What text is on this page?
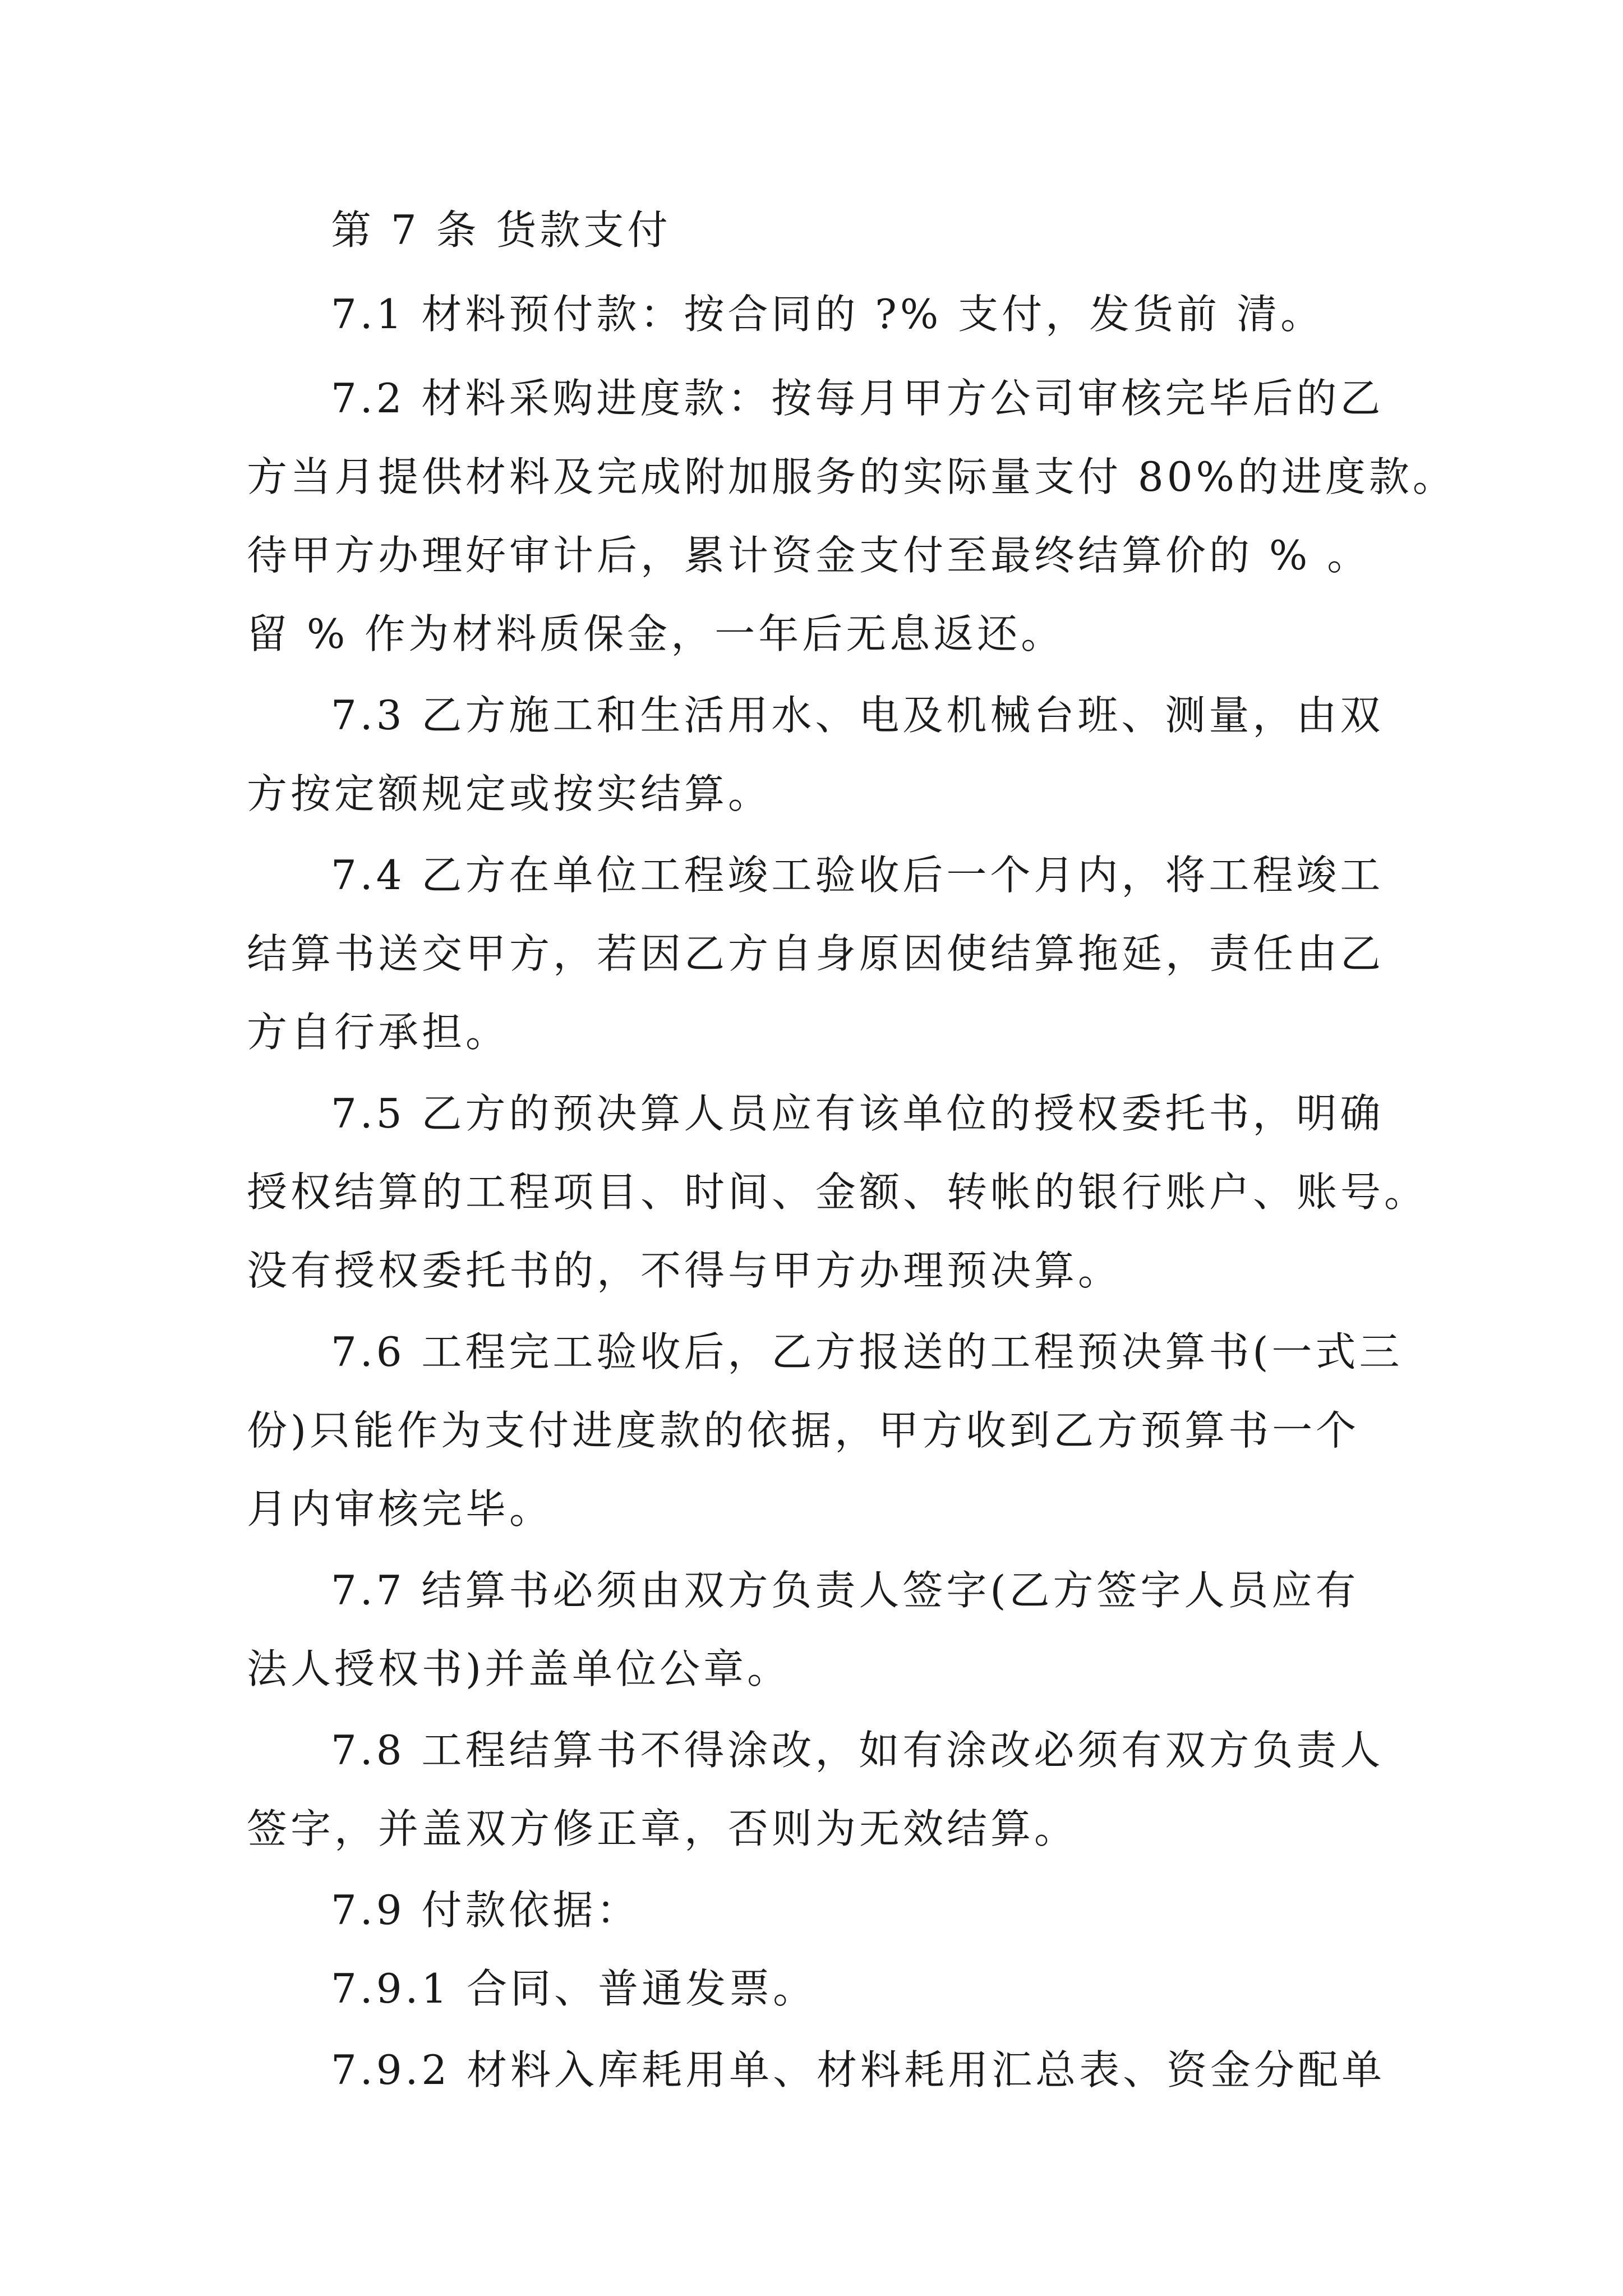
第 7 条 货款支付
7.1 材料预付款：按合同的 ?% 支付，发货前 清。
7.2 材料采购进度款：按每月甲方公司审核完毕后的乙
方当月提供材料及完成附加服务的实际量支付 80%的进度款。
待甲方办理好审计后，累计资金支付至最终结算价的 % 。
留 % 作为材料质保金，一年后无息返还。
7.3 乙方施工和生活用水、电及机械台班、测量，由双
方按定额规定或按实结算。
7.4 乙方在单位工程竣工验收后一个月内，将工程竣工
结算书送交甲方，若因乙方自身原因使结算拖延，责任由乙
方自行承担。
7.5 乙方的预决算人员应有该单位的授权委托书，明确
授权结算的工程项目、时间、金额、转帐的银行账户、账号。
没有授权委托书的，不得与甲方办理预决算。
7.6 工程完工验收后，乙方报送的工程预决算书(一式三
份)只能作为支付进度款的依据，甲方收到乙方预算书一个
月内审核完毕。
7.7 结算书必须由双方负责人签字(乙方签字人员应有
法人授权书)并盖单位公章。
7.8 工程结算书不得涂改，如有涂改必须有双方负责人
签字，并盖双方修正章，否则为无效结算。
7.9 付款依据：
7.9.1 合同、普通发票。
7.9.2 材料入库耗用单、材料耗用汇总表、资金分配单
